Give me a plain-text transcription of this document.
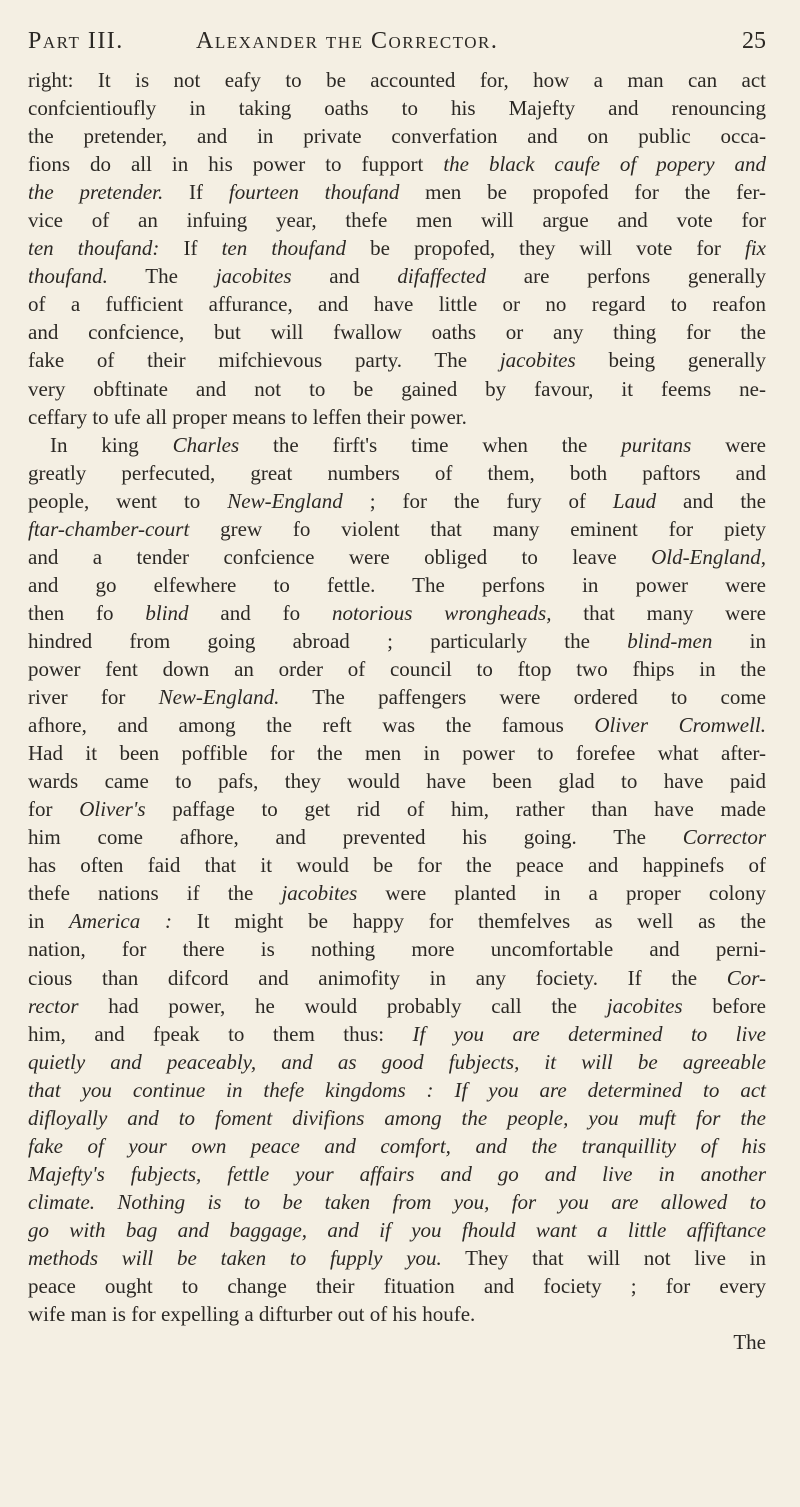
Part III.	Alexander the Corrector.	25
right: It is not eafy to be accounted for, how a man can act
confcientioufly in taking oaths to his Majefty and renouncing
the pretender, and in private converfation and on public occa-
fions do all in his power to fupport the black caufe of popery and
the pretender. If fourteen thoufand men be propofed for the fer-
vice of an infuing year, thefe men will argue and vote for
ten thoufand: If ten thoufand be propofed, they will vote for fix
thoufand. The jacobites and difaffected are perfons generally
of a fufficient affurance, and have little or no regard to reafon
and confcience, but will fwallow oaths or any thing for the
fake of their mifchievous party. The jacobites being generally
very obftinate and not to be gained by favour, it feems ne-
ceffary to ufe all proper means to leffen their power.
In king Charles the firft's time when the puritans were
greatly perfecuted, great numbers of them, both paftors and
people, went to New-England ; for the fury of Laud and the
ftar-chamber-court grew fo violent that many eminent for piety
and a tender confcience were obliged to leave Old-England,
and go elfewhere to fettle. The perfons in power were
then fo blind and fo notorious wrongheads, that many were
hindred from going abroad ; particularly the blind-men in
power fent down an order of council to ftop two fhips in the
river for New-England. The paffengers were ordered to come
afhore, and among the reft was the famous Oliver Cromwell.
Had it been poffible for the men in power to forefee what after-
wards came to pafs, they would have been glad to have paid
for Oliver's paffage to get rid of him, rather than have made
him come afhore, and prevented his going. The Corrector
has often faid that it would be for the peace and happinefs of
thefe nations if the jacobites were planted in a proper colony
in America : It might be happy for themfelves as well as the
nation, for there is nothing more uncomfortable and perni-
cious than difcord and animofity in any fociety. If the Cor-
rector had power, he would probably call the jacobites before
him, and fpeak to them thus: If you are determined to live
quietly and peaceably, and as good fubjects, it will be agreeable
that you continue in thefe kingdoms : If you are determined to act
difloyally and to foment divifions among the people, you muft for the
fake of your own peace and comfort, and the tranquillity of his
Majefty's fubjects, fettle your affairs and go and live in another
climate. Nothing is to be taken from you, for you are allowed to
go with bag and baggage, and if you fhould want a little affiftance
methods will be taken to fupply you. They that will not live in
peace ought to change their fituation and fociety ; for every
wife man is for expelling a difturber out of his houfe.
The
